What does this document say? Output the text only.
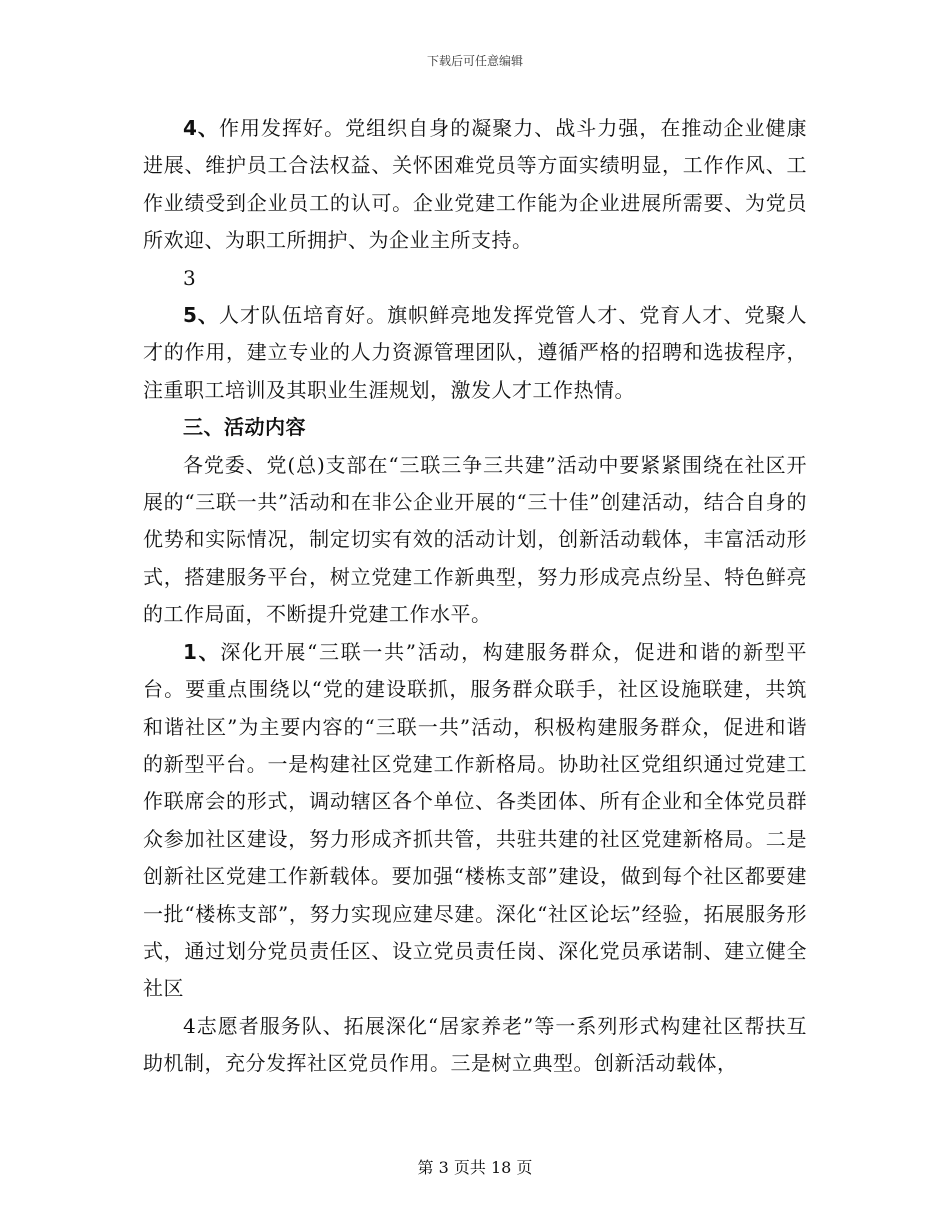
下载后可任意编辑

4、作用发挥好。党组织自身的凝聚力、战斗力强，在推动企业健康进展、维护员工合法权益、关怀困难党员等方面实绩明显，工作作风、工作业绩受到企业员工的认可。企业党建工作能为企业进展所需要、为党员所欢迎、为职工所拥护、为企业主所支持。

3

5、人才队伍培育好。旗帜鲜亮地发挥党管人才、党育人才、党聚人才的作用，建立专业的人力资源管理团队，遵循严格的招聘和选拔程序，注重职工培训及其职业生涯规划，激发人才工作热情。

三、活动内容

各党委、党(总)支部在“三联三争三共建”活动中要紧紧围绕在社区开展的“三联一共”活动和在非公企业开展的“三十佳”创建活动，结合自身的优势和实际情况，制定切实有效的活动计划，创新活动载体，丰富活动形式，搭建服务平台，树立党建工作新典型，努力形成亮点纷呈、特色鲜亮的工作局面，不断提升党建工作水平。

1、深化开展“三联一共”活动，构建服务群众，促进和谐的新型平台。要重点围绕以“党的建设联抓，服务群众联手，社区设施联建，共筑和谐社区”为主要内容的“三联一共”活动，积极构建服务群众，促进和谐的新型平台。一是构建社区党建工作新格局。协助社区党组织通过党建工作联席会的形式，调动辖区各个单位、各类团体、所有企业和全体党员群众参加社区建设，努力形成齐抓共管，共驻共建的社区党建新格局。二是创新社区党建工作新载体。要加强“楼栋支部”建设，做到每个社区都要建一批“楼栋支部”，努力实现应建尽建。深化“社区论坛”经验，拓展服务形式，通过划分党员责任区、设立党员责任岗、深化党员承诺制、建立健全社区

4志愿者服务队、拓展深化“居家养老”等一系列形式构建社区帮扶互助机制，充分发挥社区党员作用。三是树立典型。创新活动载体，

第 3 页共 18 页
